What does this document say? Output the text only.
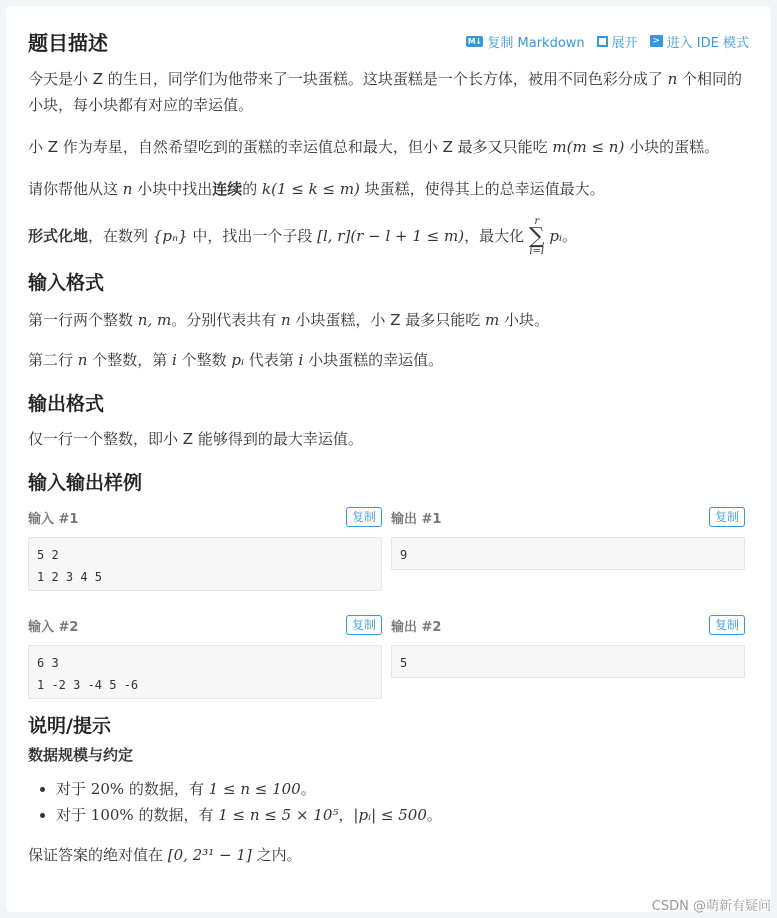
题目描述	M↓ 复制 Markdown 展开	> 进入 IDE 模式

今天是小 Z 的生日，同学们为他带来了一块蛋糕。这块蛋糕是一个长方体，被用不同色彩分成了 n 个相同的小块，每小块都有对应的幸运值。

小 Z 作为寿星，自然希望吃到的蛋糕的幸运值总和最大，但小 Z 最多又只能吃 m(m ≤ n) 小块的蛋糕。

请你帮他从这 n 小块中找出连续的 k(1 ≤ k ≤ m) 块蛋糕，使得其上的总幸运值最大。

形式化地，在数列 {pₙ} 中，找出一个子段 [l, r](r − l + 1 ≤ m)，最大化
r
∑
i=l
pᵢ。

输入格式

第一行两个整数 n, m。分别代表共有 n 小块蛋糕，小 Z 最多只能吃 m 小块。

第二行 n 个整数，第 i 个整数 pᵢ 代表第 i 小块蛋糕的幸运值。

输出格式

仅一行一个整数，即小 Z 能够得到的最大幸运值。

输入输出样例
输入 #1	复制
5 2
1 2 3 4 5
输出 #1	复制
9
输入 #2	复制
6 3
1 -2 3 -4 5 -6
输出 #2	复制
5
说明/提示

数据规模与约定

• 对于 20% 的数据，有 1 ≤ n ≤ 100。
• 对于 100% 的数据，有 1 ≤ n ≤ 5 × 10⁵，|pᵢ| ≤ 500。

保证答案的绝对值在 [0, 2³¹ − 1] 之内。

CSDN @萌新有疑问
